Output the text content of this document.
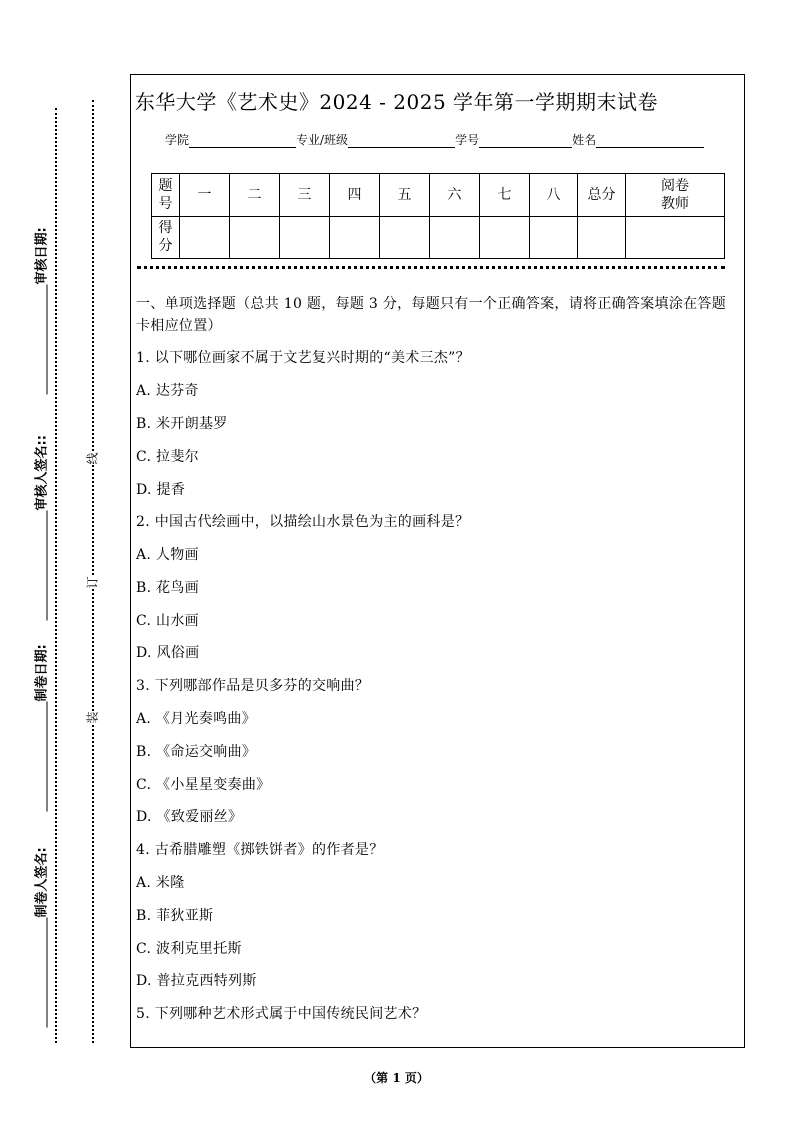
审核日期:
审核人签名::
制卷日期:
制卷人签名:
线
订
装
东华大学《艺术史》2024 - 2025 学年第一学期期末试卷
学院	专业/班级	学号	姓名
题号	一	二	三	四	五	六	七	八	总分	阅卷教师
得分										
一、单项选择题（总共 10 题，每题 3 分，每题只有一个正确答案，请将正确答案填涂在答题卡相应位置）
1. 以下哪位画家不属于文艺复兴时期的“美术三杰”？
A. 达芬奇
B. 米开朗基罗
C. 拉斐尔
D. 提香
2. 中国古代绘画中，以描绘山水景色为主的画科是？
A. 人物画
B. 花鸟画
C. 山水画
D. 风俗画
3. 下列哪部作品是贝多芬的交响曲？
A. 《月光奏鸣曲》
B. 《命运交响曲》
C. 《小星星变奏曲》
D. 《致爱丽丝》
4. 古希腊雕塑《掷铁饼者》的作者是？
A. 米隆
B. 菲狄亚斯
C. 波利克里托斯
D. 普拉克西特列斯
5. 下列哪种艺术形式属于中国传统民间艺术？
（第 1 页）
